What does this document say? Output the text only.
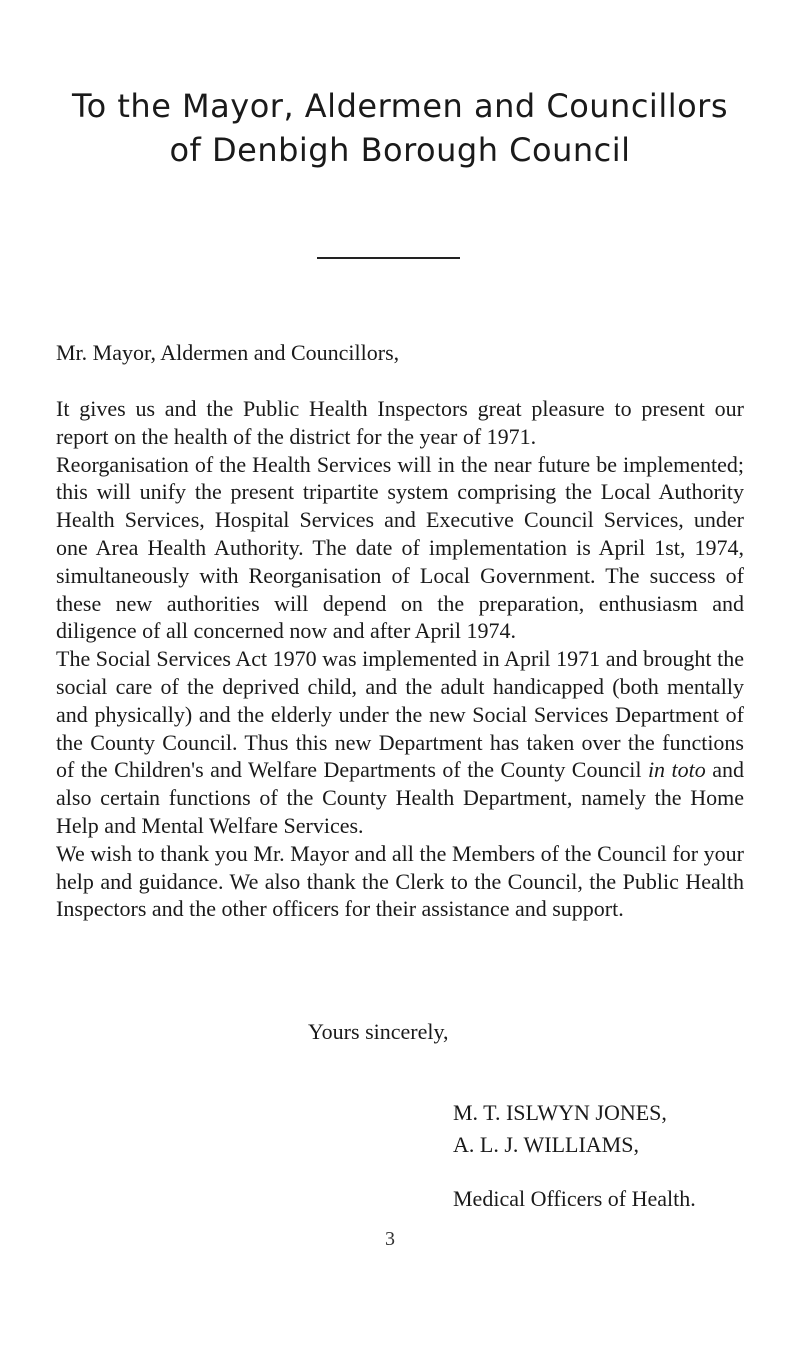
To the Mayor, Aldermen and Councillors
of Denbigh Borough Council
Mr. Mayor, Aldermen and Councillors,

It gives us and the Public Health Inspectors great pleasure to present our report on the health of the district for the year of 1971.

Reorganisation of the Health Services will in the near future be implemented; this will unify the present tripartite system comprising the Local Authority Health Services, Hospital Services and Executive Council Services, under one Area Health Authority. The date of implementation is April 1st, 1974, simultaneously with Reorganisation of Local Government. The success of these new authorities will depend on the preparation, enthusiasm and diligence of all concerned now and after April 1974.

The Social Services Act 1970 was implemented in April 1971 and brought the social care of the deprived child, and the adult handicapped (both mentally and physically) and the elderly under the new Social Services Department of the County Council. Thus this new Department has taken over the functions of the Children's and Welfare Departments of the County Council in toto and also certain functions of the County Health Department, namely the Home Help and Mental Welfare Services.

We wish to thank you Mr. Mayor and all the Members of the Council for your help and guidance. We also thank the Clerk to the Council, the Public Health Inspectors and the other officers for their assistance and support.

Yours sincerely,
M. T. ISLWYN JONES,
A. L. J. WILLIAMS,
Medical Officers of Health.
3
